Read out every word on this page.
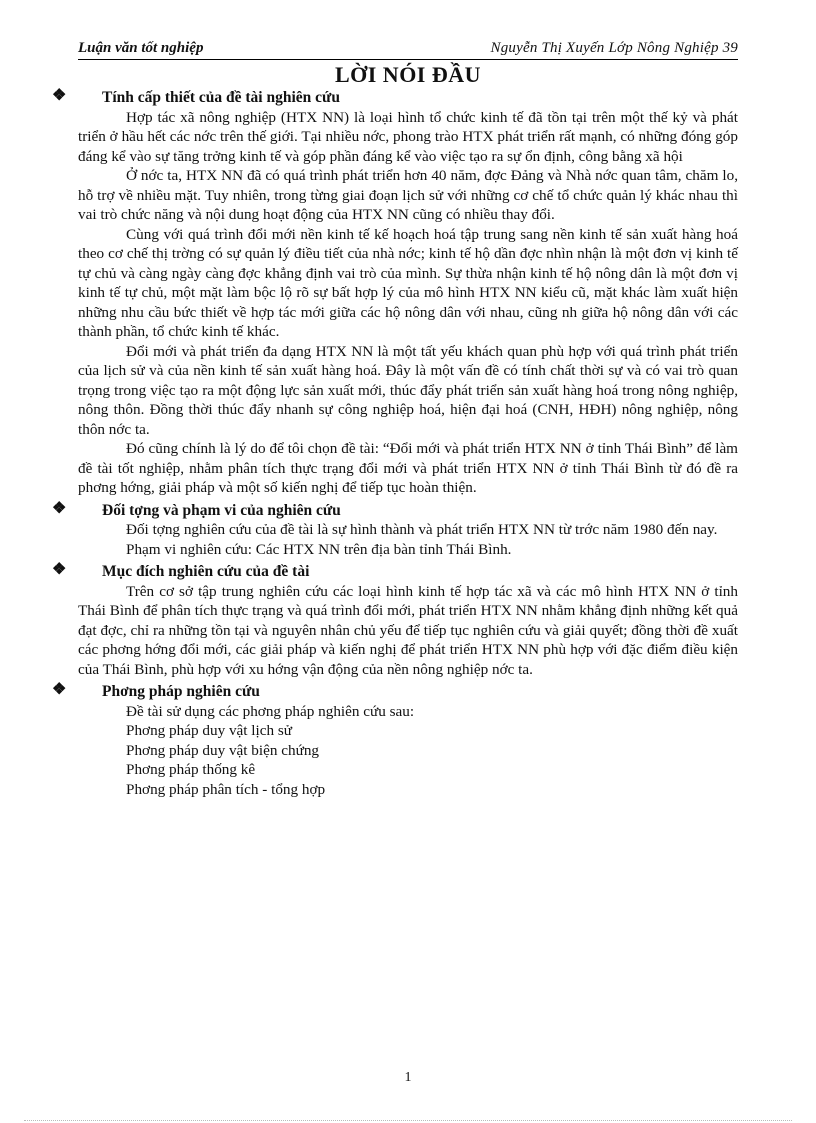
Luận văn tốt nghiệp	Nguyễn Thị Xuyến Lớp Nông Nghiệp 39
LỜI NÓI ĐẦU
❖ Tính cấp thiết của đề tài nghiên cứu

Hợp tác xã nông nghiệp (HTX NN) là loại hình tổ chức kinh tế đã tồn tại trên một thế kỷ và phát triển ở hầu hết các nớc trên thế giới. Tại nhiều nớc, phong trào HTX phát triển rất mạnh, có những đóng góp đáng kể vào sự tăng trởng kinh tế và góp phần đáng kể vào việc tạo ra sự ổn định, công bằng xã hội

Ở nớc ta, HTX NN đã có quá trình phát triển hơn 40 năm, đợc Đảng và Nhà nớc quan tâm, chăm lo, hỗ trợ về nhiều mặt. Tuy nhiên, trong từng giai đoạn lịch sử với những cơ chế tổ chức quản lý khác nhau thì vai trò chức năng và nội dung hoạt động của HTX NN cũng có nhiều thay đổi.

Cùng với quá trình đổi mới nền kinh tế kế hoạch hoá tập trung sang nền kinh tế sản xuất hàng hoá theo cơ chế thị trờng có sự quản lý điều tiết của nhà nớc; kinh tế hộ dần đợc nhìn nhận là một đơn vị kinh tế tự chủ và càng ngày càng đợc khẳng định vai trò của mình. Sự thừa nhận kinh tế hộ nông dân là một đơn vị kinh tế tự chủ, một mặt làm bộc lộ rõ sự bất hợp lý của mô hình HTX NN kiểu cũ, mặt khác làm xuất hiện những nhu cầu bức thiết về hợp tác mới giữa các hộ nông dân với nhau, cũng nh giữa hộ nông dân với các thành phần, tổ chức kinh tế khác.

Đổi mới và phát triển đa dạng HTX NN là một tất yếu khách quan phù hợp với quá trình phát triển của lịch sử và của nền kinh tế sản xuất hàng hoá. Đây là một vấn đề có tính chất thời sự và có vai trò quan trọng trong việc tạo ra một động lực sản xuất mới, thúc đẩy phát triển sản xuất hàng hoá trong nông nghiệp, nông thôn. Đồng thời thúc đẩy nhanh sự công nghiệp hoá, hiện đại hoá (CNH, HĐH) nông nghiệp, nông thôn nớc ta.

Đó cũng chính là lý do để tôi chọn đề tài: “Đổi mới và phát triển HTX NN ở tỉnh Thái Bình” để làm đề tài tốt nghiệp, nhằm phân tích thực trạng đổi mới và phát triển HTX NN ở tỉnh Thái Bình từ đó đề ra phơng hớng, giải pháp và một số kiến nghị để tiếp tục hoàn thiện.

❖ Đối tợng và phạm vi của nghiên cứu

Đối tợng nghiên cứu của đề tài là sự hình thành và phát triển HTX NN từ trớc năm 1980 đến nay.

Phạm vi nghiên cứu: Các HTX NN trên địa bàn tỉnh Thái Bình.

❖ Mục đích nghiên cứu của đề tài

Trên cơ sở tập trung nghiên cứu các loại hình kinh tế hợp tác xã và các mô hình HTX NN ở tỉnh Thái Bình để phân tích thực trạng và quá trình đổi mới, phát triển HTX NN nhằm khẳng định những kết quả đạt đợc, chỉ ra những tồn tại và nguyên nhân chủ yếu để tiếp tục nghiên cứu và giải quyết; đồng thời đề xuất các phơng hớng đổi mới, các giải pháp và kiến nghị để phát triển HTX NN phù hợp với đặc điểm điều kiện của Thái Bình, phù hợp với xu hớng vận động của nền nông nghiệp nớc ta.

❖ Phơng pháp nghiên cứu

Đề tài sử dụng các phơng pháp nghiên cứu sau:

Phơng pháp duy vật lịch sử

Phơng pháp duy vật biện chứng

Phơng pháp thống kê

Phơng pháp phân tích - tổng hợp

1
